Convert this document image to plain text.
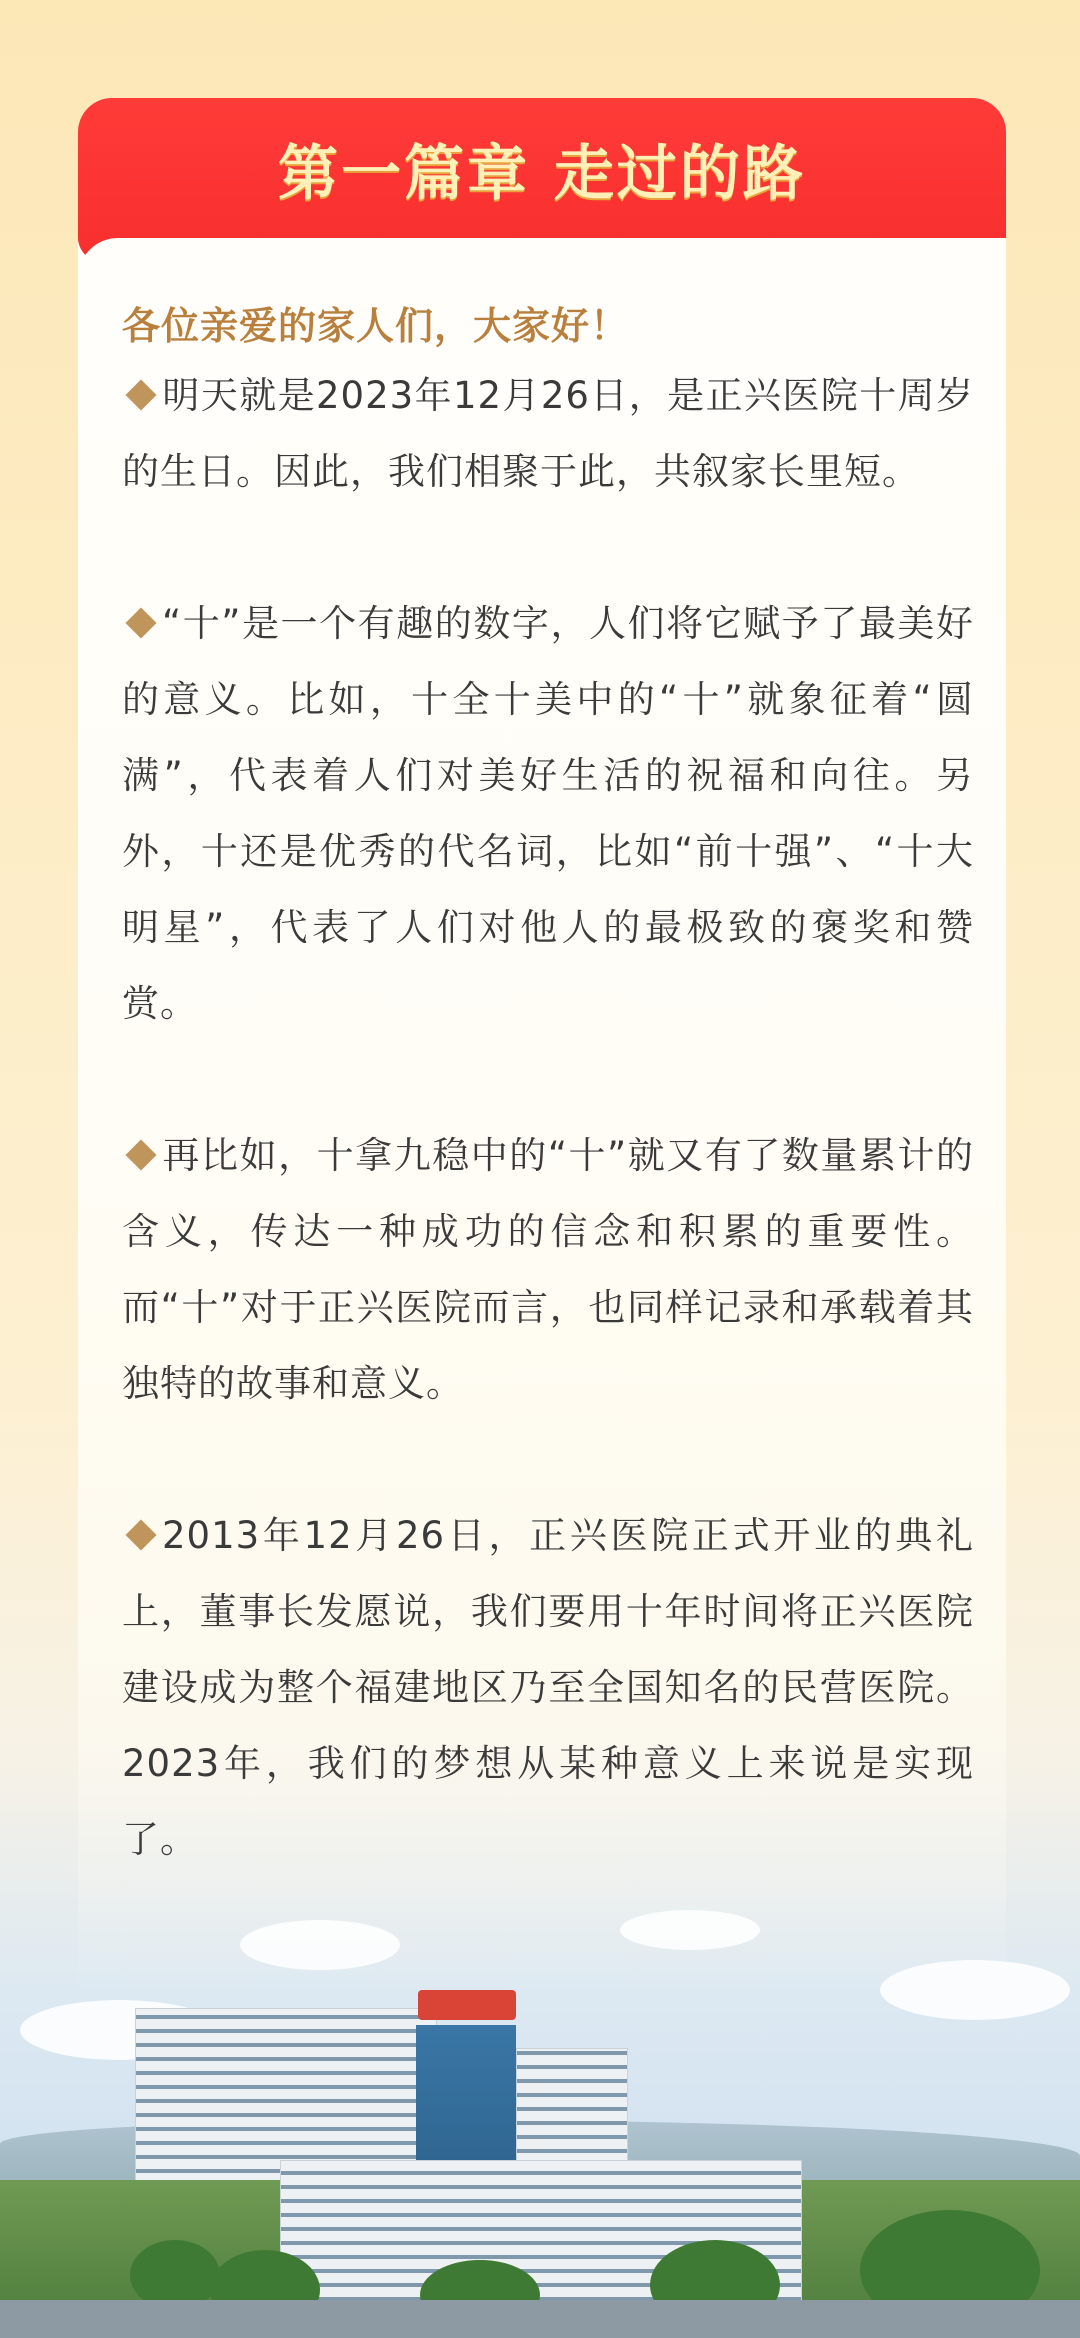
第一篇章 走过的路
各位亲爱的家人们，大家好！

明天就是2023年12月26日，是正兴医院十周岁的生日。因此，我们相聚于此，共叙家长里短。

“十”是一个有趣的数字，人们将它赋予了最美好的意义。比如，十全十美中的“十”就象征着“圆满”，代表着人们对美好生活的祝福和向往。另外，十还是优秀的代名词，比如“前十强”、“十大明星”，代表了人们对他人的最极致的褒奖和赞赏。

再比如，十拿九稳中的“十”就又有了数量累计的含义，传达一种成功的信念和积累的重要性。而“十”对于正兴医院而言，也同样记录和承载着其独特的故事和意义。

2013年12月26日，正兴医院正式开业的典礼上，董事长发愿说，我们要用十年时间将正兴医院建设成为整个福建地区乃至全国知名的民营医院。2023年，我们的梦想从某种意义上来说是实现了。
